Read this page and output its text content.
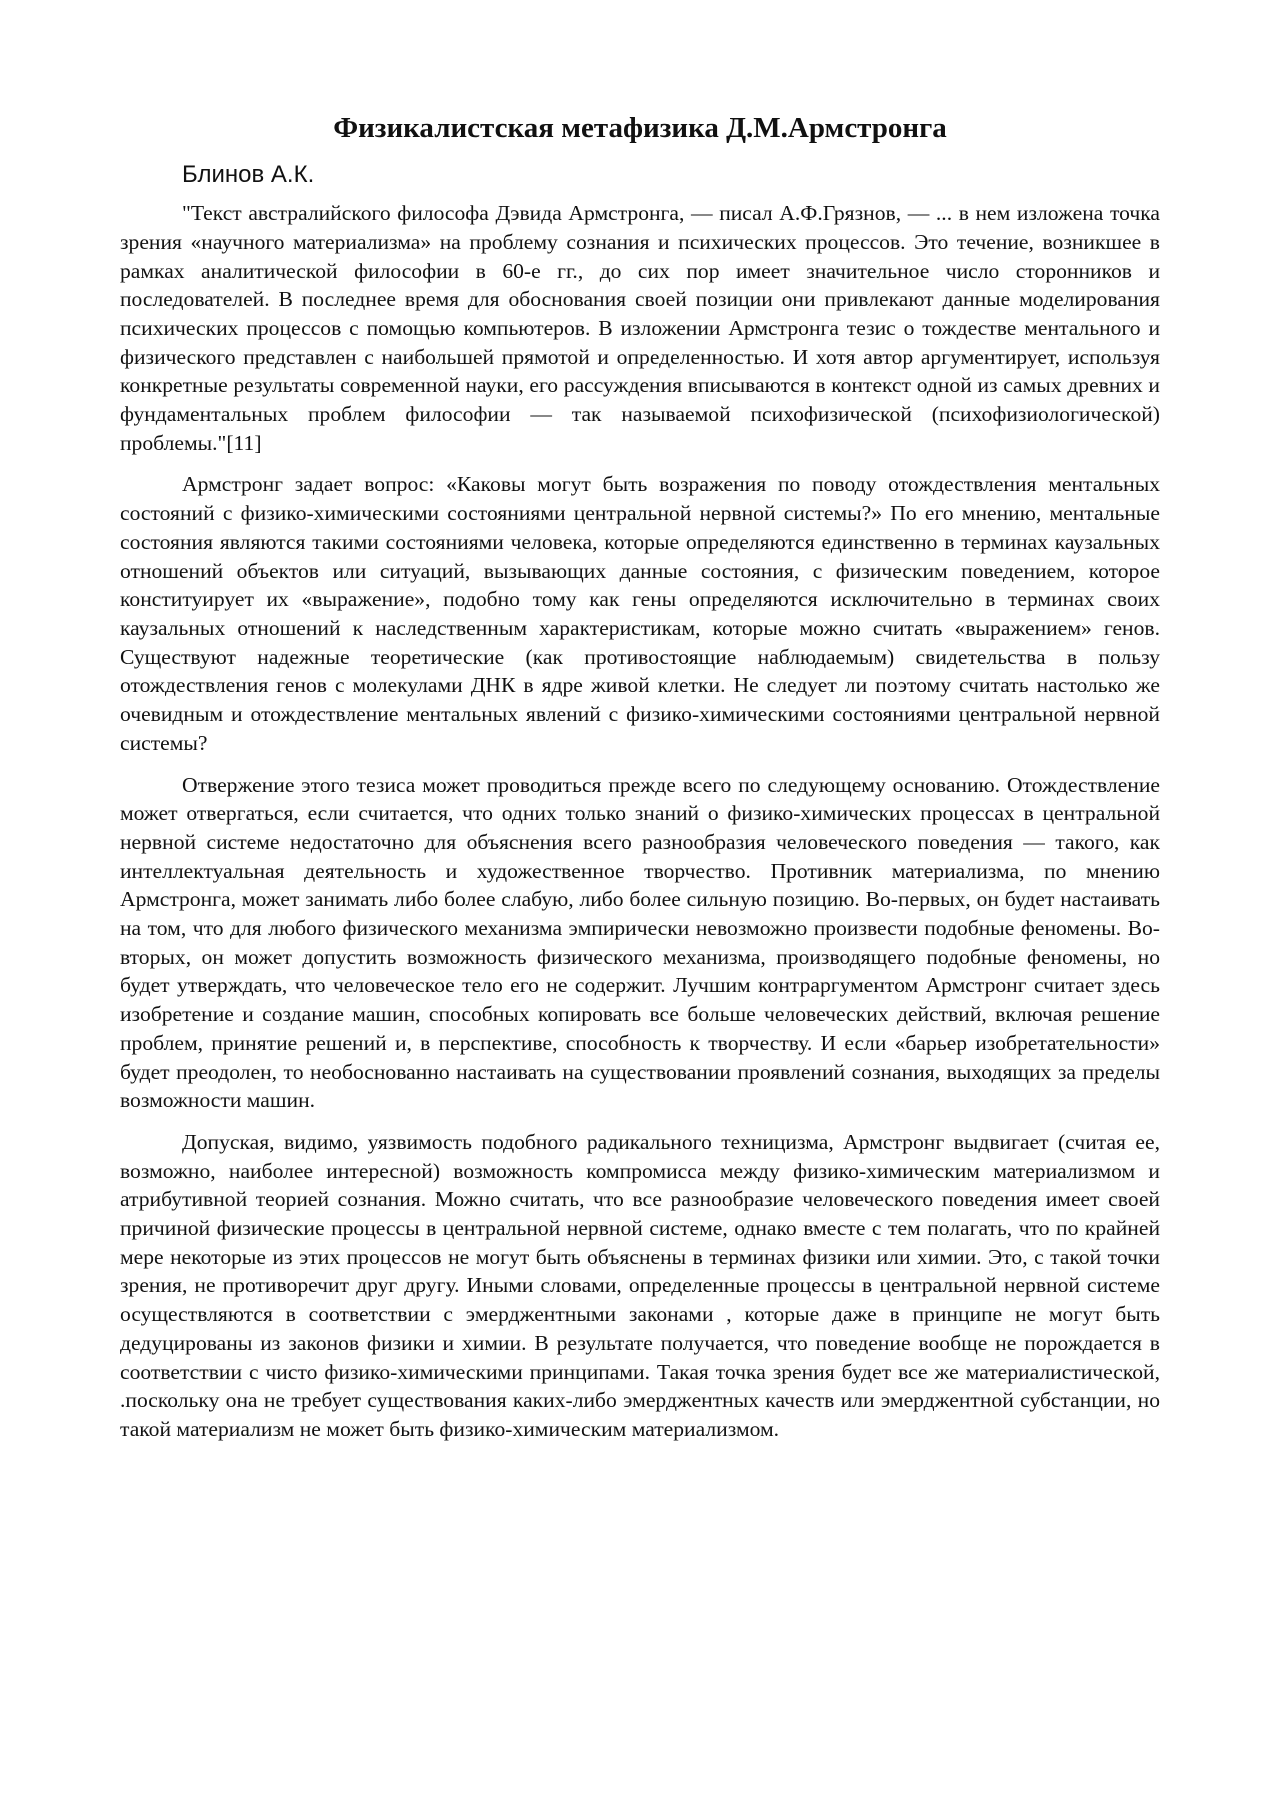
Физикалистская метафизика Д.М.Армстронга
Блинов А.К.

"Текст австралийского философа Дэвида Армстронга, — писал А.Ф.Грязнов, — ... в нем изложена точка зрения «научного материализма» на проблему сознания и психических процессов. Это течение, возникшее в рамках аналитической философии в 60-е гг., до сих пор имеет значительное число сторонников и последователей. В последнее время для обоснования своей позиции они привлекают данные моделирования психических процессов с помощью компьютеров. В изложении Армстронга тезис о тождестве ментального и физического представлен с наибольшей прямотой и определенностью. И хотя автор аргументирует, используя конкретные результаты современной науки, его рассуждения вписываются в контекст одной из самых древних и фундаментальных проблем философии — так называемой психофизической (психофизиологической) проблемы."[11]

Армстронг задает вопрос: «Каковы могут быть возражения по поводу отождествления ментальных состояний с физико-химическими состояниями центральной нервной системы?» По его мнению, ментальные состояния являются такими состояниями человека, которые определяются единственно в терминах каузальных отношений объектов или ситуаций, вызывающих данные состояния, с физическим поведением, которое конституирует их «выражение», подобно тому как гены определяются исключительно в терминах своих каузальных отношений к наследственным характеристикам, которые можно считать «выражением» генов. Существуют надежные теоретические (как противостоящие наблюдаемым) свидетельства в пользу отождествления генов с молекулами ДНК в ядре живой клетки. Не следует ли поэтому считать настолько же очевидным и отождествление ментальных явлений с физико-химическими состояниями центральной нервной системы?

Отвержение этого тезиса может проводиться прежде всего по следующему основанию. Отождествление может отвергаться, если считается, что одних только знаний о физико-химических процессах в центральной нервной системе недостаточно для объяснения всего разнообразия человеческого поведения — такого, как интеллектуальная деятельность и художественное творчество. Противник материализма, по мнению Армстронга, может занимать либо более слабую, либо более сильную позицию. Во-первых, он будет настаивать на том, что для любого физического механизма эмпирически невозможно произвести подобные феномены. Во-вторых, он может допустить возможность физического механизма, производящего подобные феномены, но будет утверждать, что человеческое тело его не содержит. Лучшим контраргументом Армстронг считает здесь изобретение и создание машин, способных копировать все больше человеческих действий, включая решение проблем, принятие решений и, в перспективе, способность к творчеству. И если «барьер изобретательности» будет преодолен, то необоснованно настаивать на существовании проявлений сознания, выходящих за пределы возможности машин.

Допуская, видимо, уязвимость подобного радикального техницизма, Армстронг выдвигает (считая ее, возможно, наиболее интересной) возможность компромисса между физико-химическим материализмом и атрибутивной теорией сознания. Можно считать, что все разнообразие человеческого поведения имеет своей причиной физические процессы в центральной нервной системе, однако вместе с тем полагать, что по крайней мере некоторые из этих процессов не могут быть объяснены в терминах физики или химии. Это, с такой точки зрения, не противоречит друг другу. Иными словами, определенные процессы в центральной нервной системе осуществляются в соответствии с эмерджентными законами , которые даже в принципе не могут быть дедуцированы из законов физики и химии. В результате получается, что поведение вообще не порождается в соответствии с чисто физико-химическими принципами. Такая точка зрения будет все же материалистической, .поскольку она не требует существования каких-либо эмерджентных качеств или эмерджентной субстанции, но такой материализм не может быть физико-химическим материализмом.
